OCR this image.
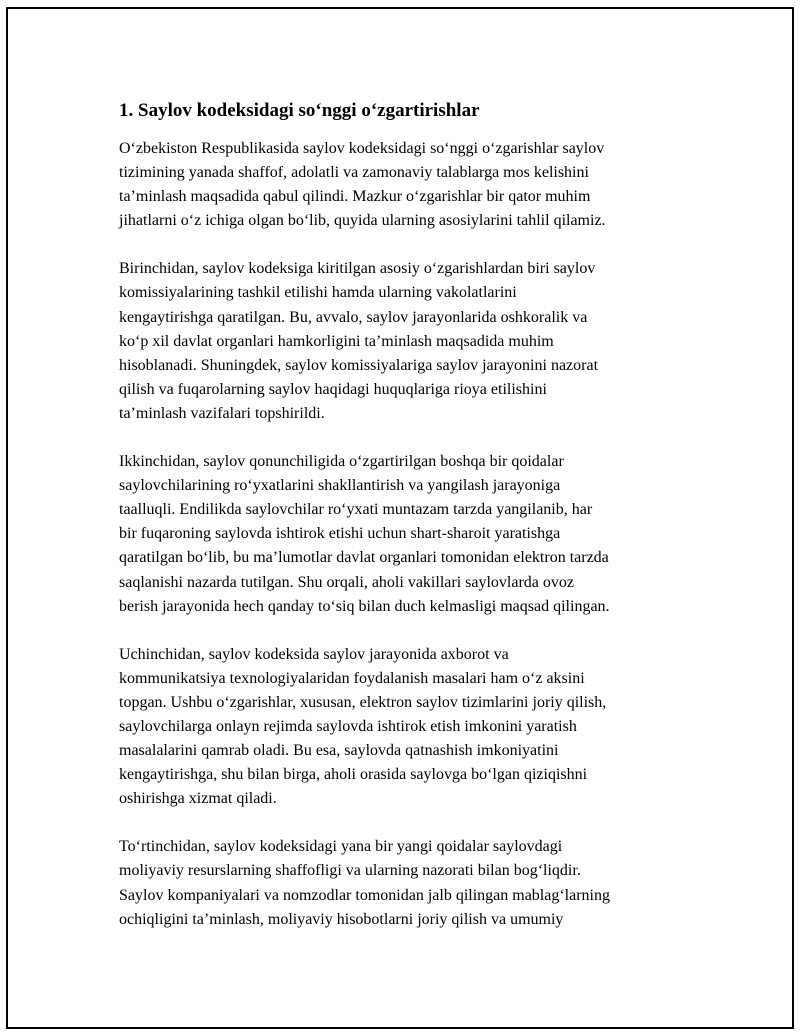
1. Saylov kodeksidagi so‘nggi o‘zgartirishlar

O‘zbekiston Respublikasida saylov kodeksidagi so‘nggi o‘zgarishlar saylov
tizimining yanada shaffof, adolatli va zamonaviy talablarga mos kelishini
ta’minlash maqsadida qabul qilindi. Mazkur o‘zgarishlar bir qator muhim
jihatlarni o‘z ichiga olgan bo‘lib, quyida ularning asosiylarini tahlil qilamiz.

Birinchidan, saylov kodeksiga kiritilgan asosiy o‘zgarishlardan biri saylov
komissiyalarining tashkil etilishi hamda ularning vakolatlarini
kengaytirishga qaratilgan. Bu, avvalo, saylov jarayonlarida oshkoralik va
ko‘p xil davlat organlari hamkorligini ta’minlash maqsadida muhim
hisoblanadi. Shuningdek, saylov komissiyalariga saylov jarayonini nazorat
qilish va fuqarolarning saylov haqidagi huquqlariga rioya etilishini
ta’minlash vazifalari topshirildi.

Ikkinchidan, saylov qonunchiligida o‘zgartirilgan boshqa bir qoidalar
saylovchilarining ro‘yxatlarini shakllantirish va yangilash jarayoniga
taalluqli. Endilikda saylovchilar ro‘yxati muntazam tarzda yangilanib, har
bir fuqaroning saylovda ishtirok etishi uchun shart-sharoit yaratishga
qaratilgan bo‘lib, bu ma’lumotlar davlat organlari tomonidan elektron tarzda
saqlanishi nazarda tutilgan. Shu orqali, aholi vakillari saylovlarda ovoz
berish jarayonida hech qanday to‘siq bilan duch kelmasligi maqsad qilingan.

Uchinchidan, saylov kodeksida saylov jarayonida axborot va
kommunikatsiya texnologiyalaridan foydalanish masalari ham o‘z aksini
topgan. Ushbu o‘zgarishlar, xususan, elektron saylov tizimlarini joriy qilish,
saylovchilarga onlayn rejimda saylovda ishtirok etish imkonini yaratish
masalalarini qamrab oladi. Bu esa, saylovda qatnashish imkoniyatini
kengaytirishga, shu bilan birga, aholi orasida saylovga bo‘lgan qiziqishni
oshirishga xizmat qiladi.

To‘rtinchidan, saylov kodeksidagi yana bir yangi qoidalar saylovdagi
moliyaviy resurslarning shaffofligi va ularning nazorati bilan bog‘liqdir.
Saylov kompaniyalari va nomzodlar tomonidan jalb qilingan mablag‘larning
ochiqligini ta’minlash, moliyaviy hisobotlarni joriy qilish va umumiy
